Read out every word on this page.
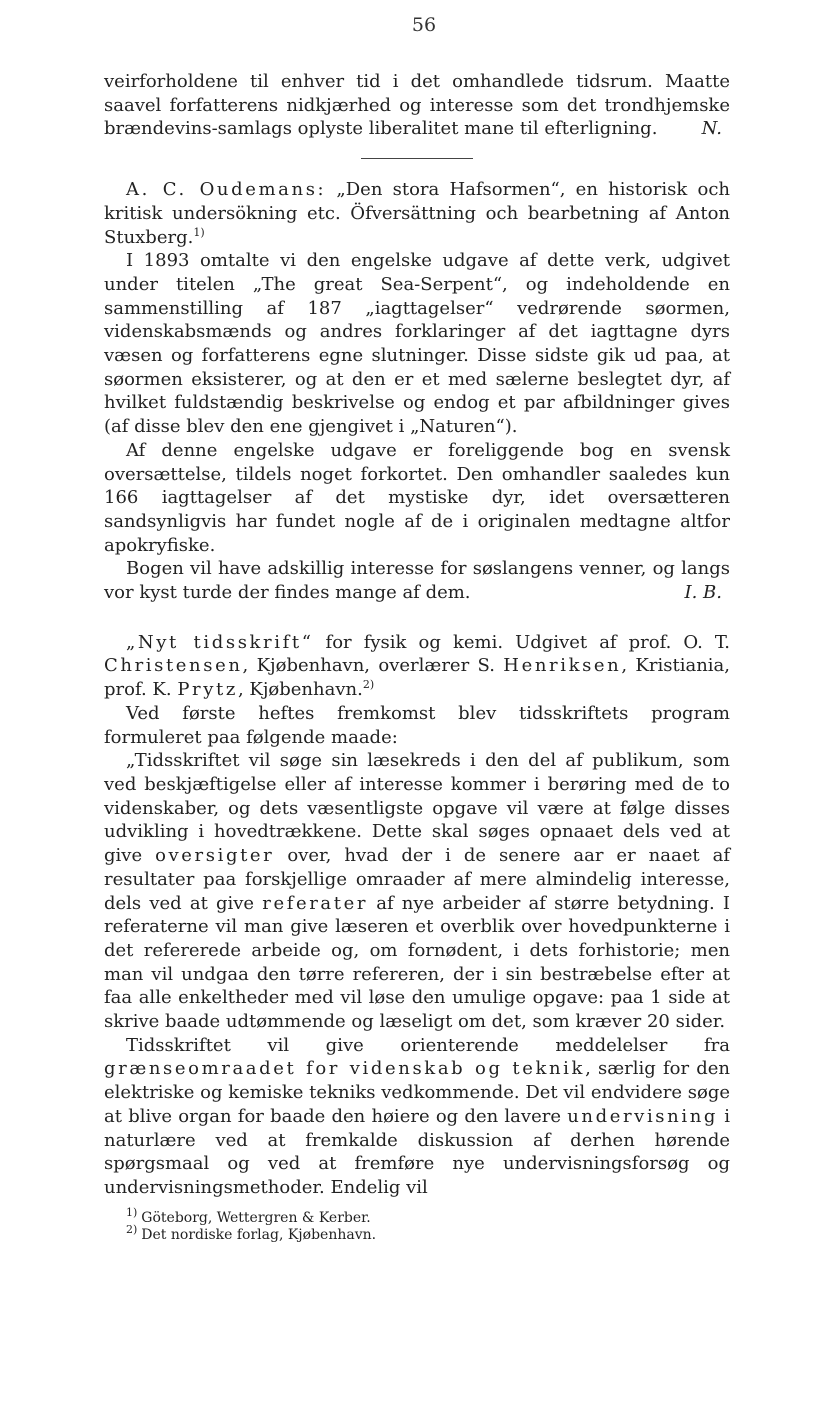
56

veirforholdene til enhver tid i det omhandlede tidsrum. Maatte saavel forfatterens nidkjærhed og interesse som det trondhjemske brændevins-samlags oplyste liberalitet mane til efterligning. N.

A. C. Oudemans: „Den stora Hafsormen“, en historisk och kritisk undersökning etc. Öfversättning och bearbetning af Anton Stuxberg.$^{1)}$

I 1893 omtalte vi den engelske udgave af dette verk, udgivet under titelen „The great Sea-Serpent“, og indeholdende en sammenstilling af 187 „iagttagelser“ vedrørende søormen, videnskabsmænds og andres forklaringer af det iagttagne dyrs væsen og forfatterens egne slutninger. Disse sidste gik ud paa, at søormen eksisterer, og at den er et med sælerne beslegtet dyr, af hvilket fuldstændig beskrivelse og endog et par afbildninger gives (af disse blev den ene gjengivet i „Naturen“).

Af denne engelske udgave er foreliggende bog en svensk oversættelse, tildels noget forkortet. Den omhandler saaledes kun 166 iagttagelser af det mystiske dyr, idet oversætteren sandsynligvis har fundet nogle af de i originalen medtagne altfor apokryfiske.

Bogen vil have adskillig interesse for søslangens venner, og langs vor kyst turde der findes mange af dem.	I. B.

„Nyt tidsskrift“ for fysik og kemi. Udgivet af prof. O. T. Christensen, Kjøbenhavn, overlærer S. Henriksen, Kristiania, prof. K. Prytz, Kjøbenhavn.$^{2)}$

Ved første heftes fremkomst blev tidsskriftets program formuleret paa følgende maade:

„Tidsskriftet vil søge sin læsekreds i den del af publikum, som ved beskjæftigelse eller af interesse kommer i berøring med de to videnskaber, og dets væsentligste opgave vil være at følge disses udvikling i hovedtrækkene. Dette skal søges opnaaet dels ved at give oversigter over, hvad der i de senere aar er naaet af resultater paa forskjellige omraader af mere almindelig interesse, dels ved at give referater af nye arbeider af større betydning. I referaterne vil man give læseren et overblik over hovedpunkterne i det refererede arbeide og, om fornødent, i dets forhistorie; men man vil undgaa den tørre refereren, der i sin bestræbelse efter at faa alle enkeltheder med vil løse den umulige opgave: paa 1 side at skrive baade udtømmende og læseligt om det, som kræver 20 sider.

Tidsskriftet vil give orienterende meddelelser fra grænseomraadet for videnskab og teknik, særlig for den elektriske og kemiske tekniks vedkommende. Det vil endvidere søge at blive organ for baade den høiere og den lavere undervisning i naturlære ved at fremkalde diskussion af derhen hørende spørgsmaal og ved at fremføre nye undervisningsforsøg og undervisningsmethoder. Endelig vil

$^{1)}$ Göteborg, Wettergren & Kerber.
$^{2)}$ Det nordiske forlag, Kjøbenhavn.
